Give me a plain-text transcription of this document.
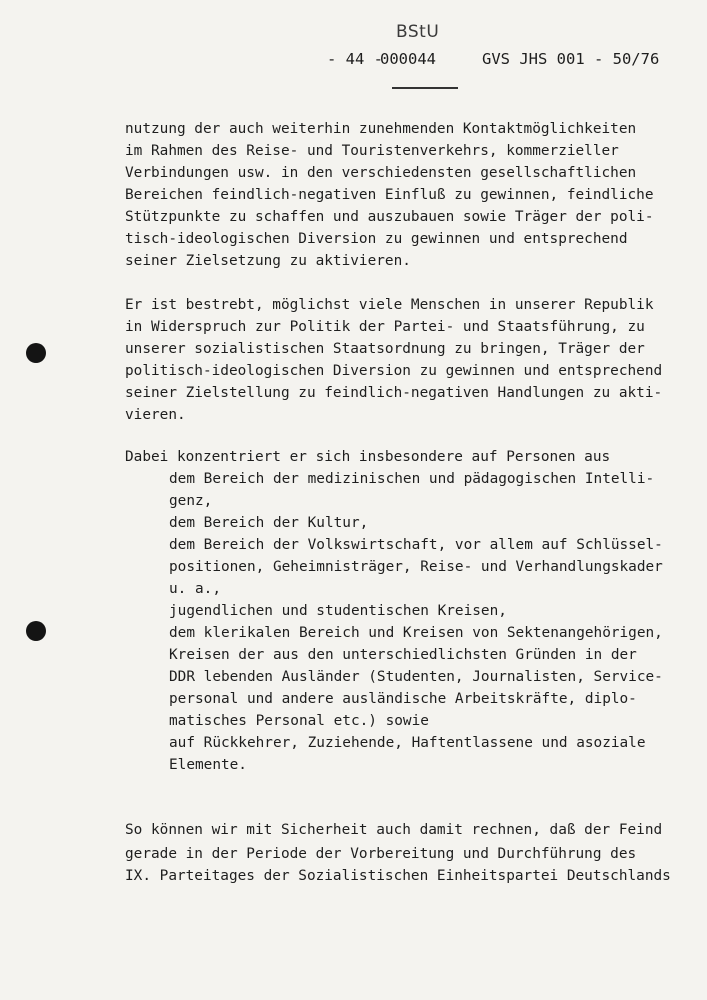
BStU

- 44 -

000044

	GVS JHS 001 - 50/76

nutzung der auch weiterhin zunehmenden Kontaktmöglichkeiten
im Rahmen des Reise- und Touristenverkehrs, kommerzieller
Verbindungen usw. in den verschiedensten gesellschaftlichen
Bereichen feindlich-negativen Einfluß zu gewinnen, feindliche
Stützpunkte zu schaffen und auszubauen sowie Träger der poli-
tisch-ideologischen Diversion zu gewinnen und entsprechend
seiner Zielsetzung zu aktivieren.
Er ist bestrebt, möglichst viele Menschen in unserer Republik
in Widerspruch zur Politik der Partei- und Staatsführung, zu
unserer sozialistischen Staatsordnung zu bringen, Träger der
politisch-ideologischen Diversion zu gewinnen und entsprechend
seiner Zielstellung zu feindlich-negativen Handlungen zu akti-
vieren.
Dabei konzentriert er sich insbesondere auf Personen aus
dem Bereich der medizinischen und pädagogischen Intelli-
genz,
dem Bereich der Kultur,
dem Bereich der Volkswirtschaft, vor allem auf Schlüssel-
positionen, Geheimnisträger, Reise- und Verhandlungskader
u. a.,
jugendlichen und studentischen Kreisen,
dem klerikalen Bereich und Kreisen von Sektenangehörigen,
Kreisen der aus den unterschiedlichsten Gründen in der
DDR lebenden Ausländer (Studenten, Journalisten, Service-
personal und andere ausländische Arbeitskräfte, diplo-
matisches Personal etc.) sowie
auf Rückkehrer, Zuziehende, Haftentlassene und asoziale
Elemente.
So können wir mit Sicherheit auch damit rechnen, daß der Feind
gerade in der Periode der Vorbereitung und Durchführung des
IX. Parteitages der Sozialistischen Einheitspartei Deutschlands
